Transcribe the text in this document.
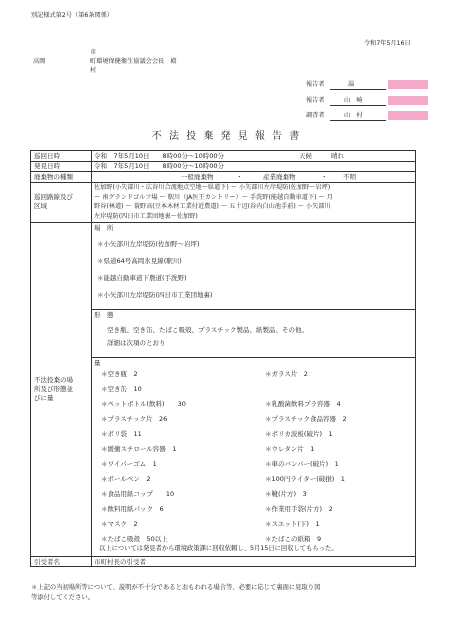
別記様式第2号（第6条関係）
令和7年5月16日
市
高岡	町環境保健衛生協議会会長　殿
村
報告者	湯
報告者	山　崎
調査者	山　村
不 法 投 棄 発 見 報 告 書
巡回日時	令和　7年5月10日　　8時00分～10時00分	天候	晴れ
発見日時	令和　7年5月10日　　8時00分～10時00分
廃棄物の種類	一般廃棄物	・	産業廃棄物	・ 不明
巡回路線及び
区域
佐加野(小矢部川・広谷川合流地点空地～県道下) ～ 小矢部川左岸堤防(佐加野～岩坪)
～ 南グランドゴルフ場 ～ 駅川（JA医王カントリー）～ 手洗野(能越自動車道下) ～ 月
野谷(林道) ～ 蓑野高(豆本木材工業付近農道) ～ 五十辺(谷内白山池手前) ～ 小矢部川
左岸堤防(四日市工業団地裏～佐加野)
不法投棄の場
所及び形態並
びに量
場　所
＊小矢部川左岸堤防(佐加野～岩坪)
＊県道64号高岡氷見線(駅川)
＊能越自動車道下農道(手洗野)
＊小矢部川左岸堤防(四日市工業団地裏)
形　態
空き瓶、空き缶、たばこ吸殻、プラスチック製品、紙製品、その他。
詳細は次項のとおり
量
＊空き瓶　2
＊空き缶　10
＊ペットボトル(飲料)　　30
＊プラスチック片　26
＊ポリ袋　11
＊緩衝スチロール容器　1
＊ワイパーゴム　1
＊ボールペン　2
＊食品用紙コップ　　10
＊飲料用紙パック　6
＊マスク　2
＊たばこ吸殻　50以上
＊ガラス片　2
＊乳酸菌飲料プラ容器　4
＊プラスチック食品容器　2
＊ポリカ波板(破片)　1
＊ウレタン片　1
＊車のバンパー(破片)　1
＊100円ライター(破損)　1
＊靴(片方)　3
＊作業用手袋(片方)　2
＊スエット(下)　1
＊たばこの紙箱　9
引受者名	市町村長の引受者
以上については発見者から環境政策課に回収依頼し、5月15日に回収してもらった。
＊上記の当初場所等について、説明が不十分であるとおもわれる場合等、必要に応じて裏面に見取り図
等添付してください。
